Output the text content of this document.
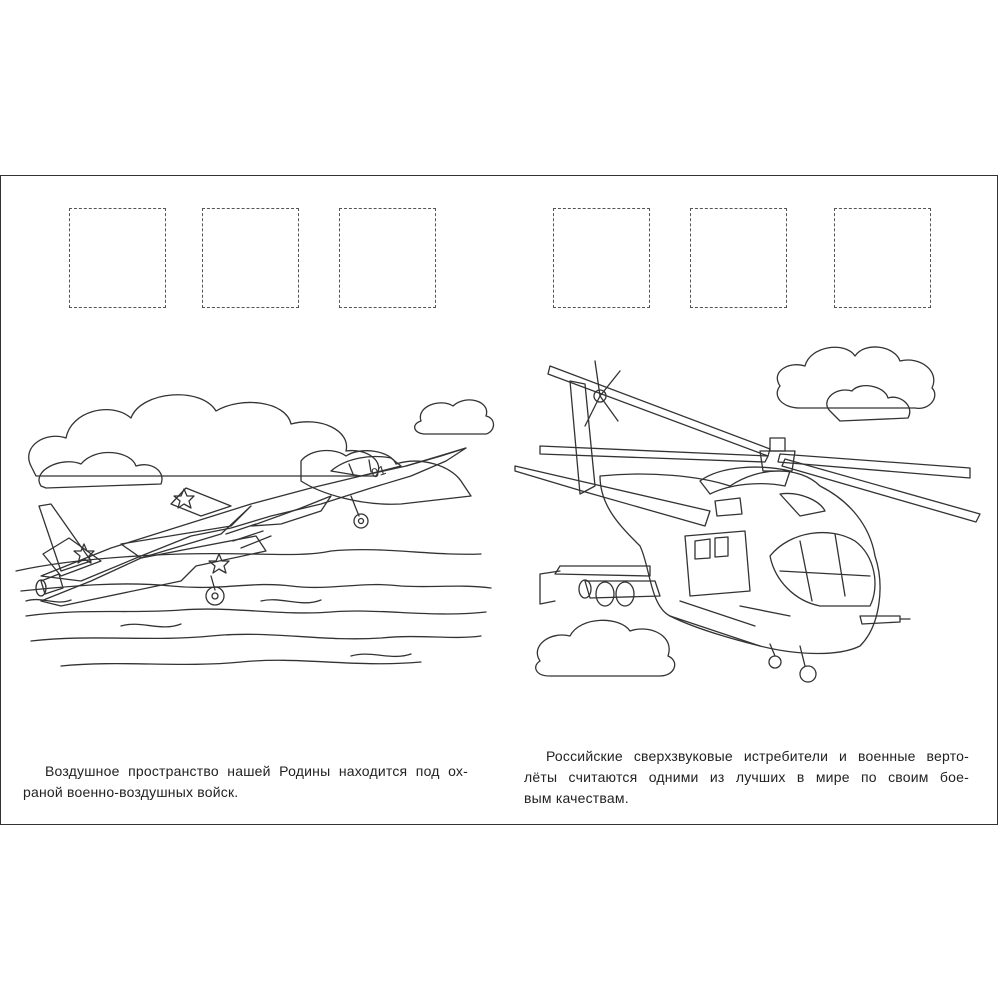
01

Воздушное пространство нашей Родины находится под ох-
раной военно-воздушных войск.

Российские сверхзвуковые истребители и военные верто-
лёты считаются одними из лучших в мире по своим боe-
вым качествам.
